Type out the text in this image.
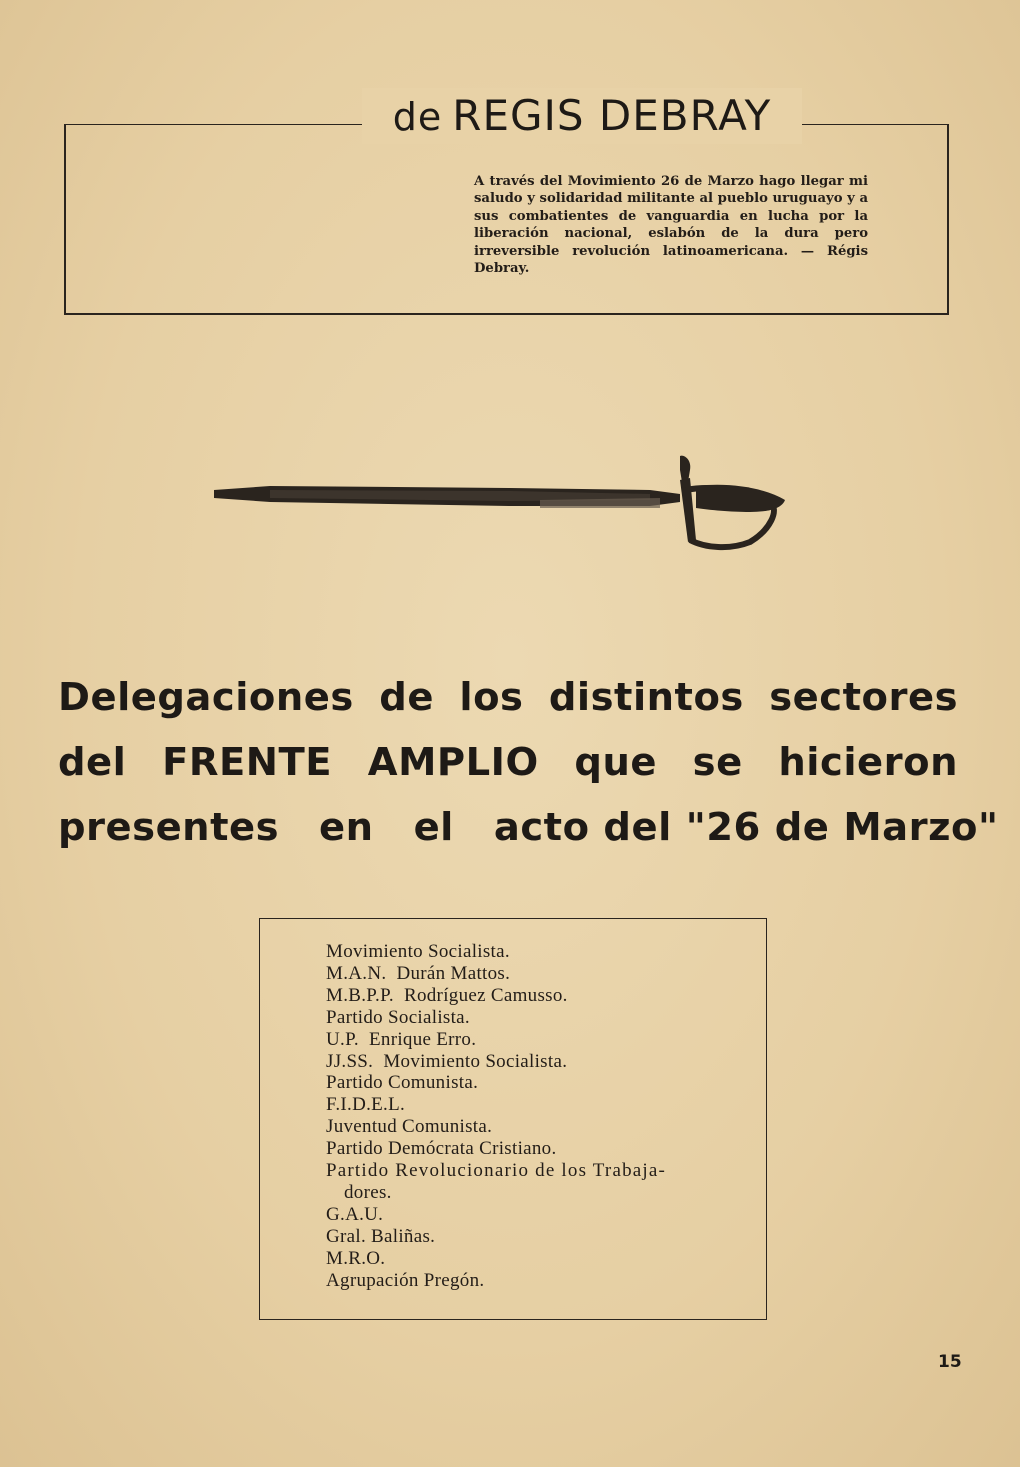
de REGIS DEBRAY

A través del Movimiento 26 de Marzo hago llegar mi saludo y solidaridad militante al pueblo uruguayo y a sus combatientes de vanguardia en lucha por la liberación nacional, eslabón de la dura pero irreversible revolución latinoamericana. — Régis Debray.

Delegaciones de los distintos sectores
del FRENTE AMPLIO que se hicieron
presentes en el acto del "26 de Marzo"
Movimiento Socialista.
M.A.N.  Durán Mattos.
M.B.P.P.  Rodríguez Camusso.
Partido Socialista.
U.P.  Enrique Erro.
JJ.SS.  Movimiento Socialista.
Partido Comunista.
F.I.D.E.L.
Juventud Comunista.
Partido Demócrata Cristiano.
Partido Revolucionario de los Trabaja-
dores.
G.A.U.
Gral. Baliñas.
M.R.O.
Agrupación Pregón.
15
